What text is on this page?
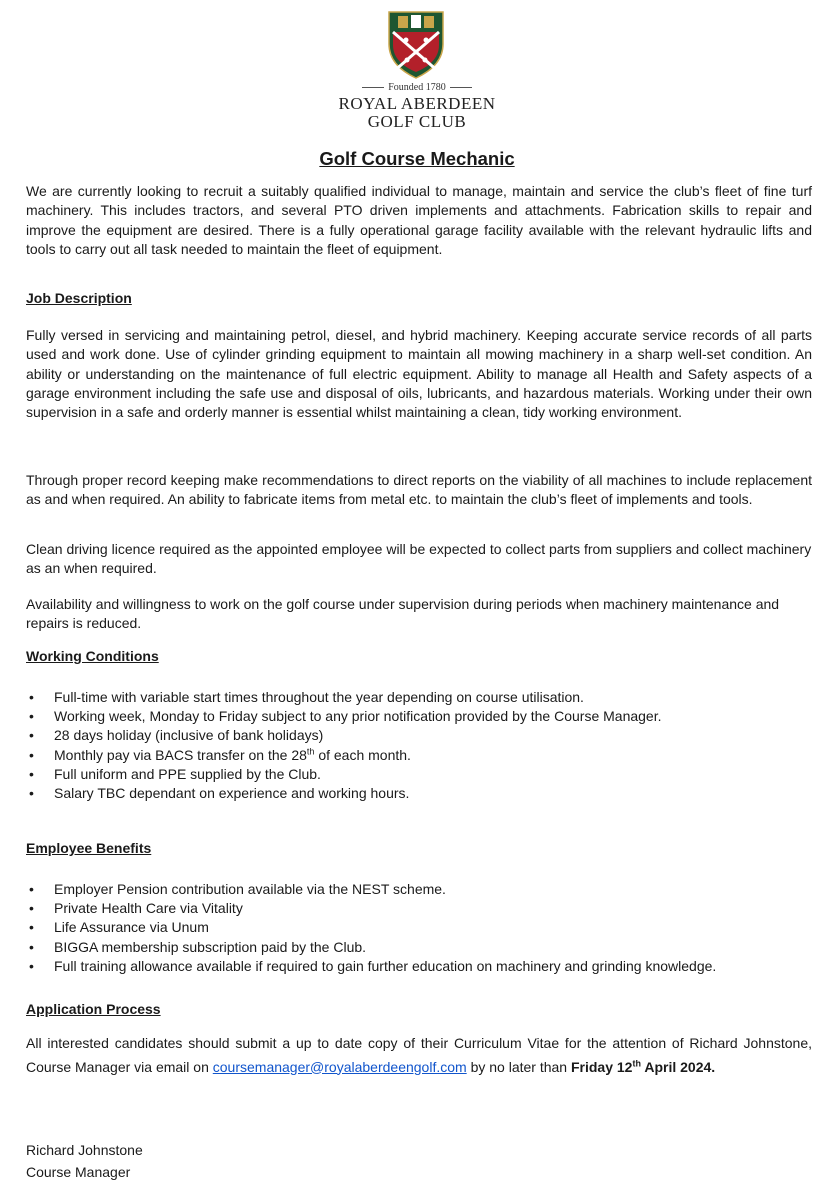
Founded 1780
ROYAL ABERDEEN
GOLF CLUB
Golf Course Mechanic
We are currently looking to recruit a suitably qualified individual to manage, maintain and service the club’s fleet of fine turf machinery. This includes tractors, and several PTO driven implements and attachments. Fabrication skills to repair and improve the equipment are desired. There is a fully operational garage facility available with the relevant hydraulic lifts and tools to carry out all task needed to maintain the fleet of equipment.
Job Description
Fully versed in servicing and maintaining petrol, diesel, and hybrid machinery. Keeping accurate service records of all parts used and work done. Use of cylinder grinding equipment to maintain all mowing machinery in a sharp well-set condition. An ability or understanding on the maintenance of full electric equipment. Ability to manage all Health and Safety aspects of a garage environment including the safe use and disposal of oils, lubricants, and hazardous materials. Working under their own supervision in a safe and orderly manner is essential whilst maintaining a clean, tidy working environment.
Through proper record keeping make recommendations to direct reports on the viability of all machines to include replacement as and when required. An ability to fabricate items from metal etc. to maintain the club’s fleet of implements and tools.
Clean driving licence required as the appointed employee will be expected to collect parts from suppliers and collect machinery as an when required.
Availability and willingness to work on the golf course under supervision during periods when machinery maintenance and repairs is reduced.
Working Conditions
• Full-time with variable start times throughout the year depending on course utilisation.
• Working week, Monday to Friday subject to any prior notification provided by the Course Manager.
• 28 days holiday (inclusive of bank holidays)
• Monthly pay via BACS transfer on the 28th of each month.
• Full uniform and PPE supplied by the Club.
• Salary TBC dependant on experience and working hours.
Employee Benefits
• Employer Pension contribution available via the NEST scheme.
• Private Health Care via Vitality
• Life Assurance via Unum
• BIGGA membership subscription paid by the Club.
• Full training allowance available if required to gain further education on machinery and grinding knowledge.
Application Process
All interested candidates should submit a up to date copy of their Curriculum Vitae for the attention of Richard Johnstone, Course Manager via email on coursemanager@royalaberdeengolf.com by no later than Friday 12th April 2024.
Richard Johnstone
Course Manager
